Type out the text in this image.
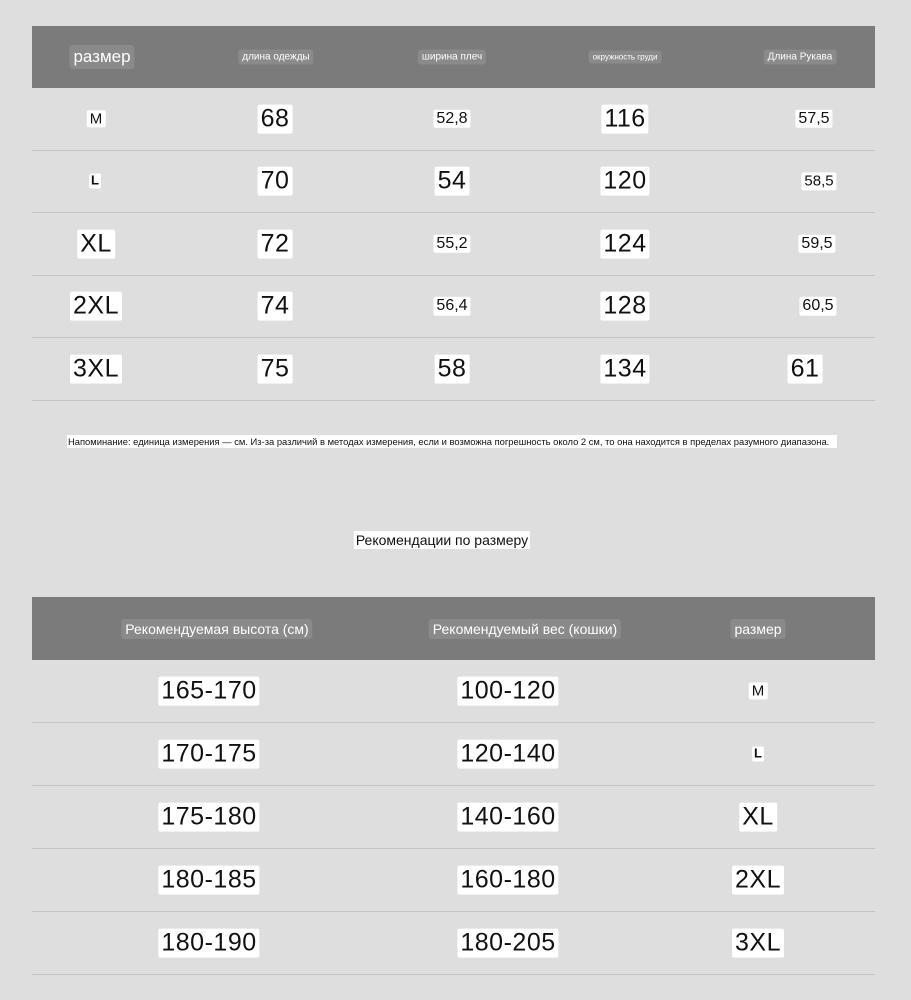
размер	длина одежды	ширина плеч	окружность груди	Длина Рукава
M	68	52,8	116	57,5
L	70	54	120	58,5
XL	72	55,2	124	59,5
2XL	74	56,4	128	60,5
3XL	75	58	134	61
Напоминание: единица измерения — см. Из-за различий в методах измерения, если и возможна погрешность около 2 см, то она находится в пределах разумного диапазона.
Рекомендации по размеру
Рекомендуемая высота (см)	Рекомендуемый вес (кошки)	размер
165-170	100-120	M
170-175	120-140	L
175-180	140-160	XL
180-185	160-180	2XL
180-190	180-205	3XL
